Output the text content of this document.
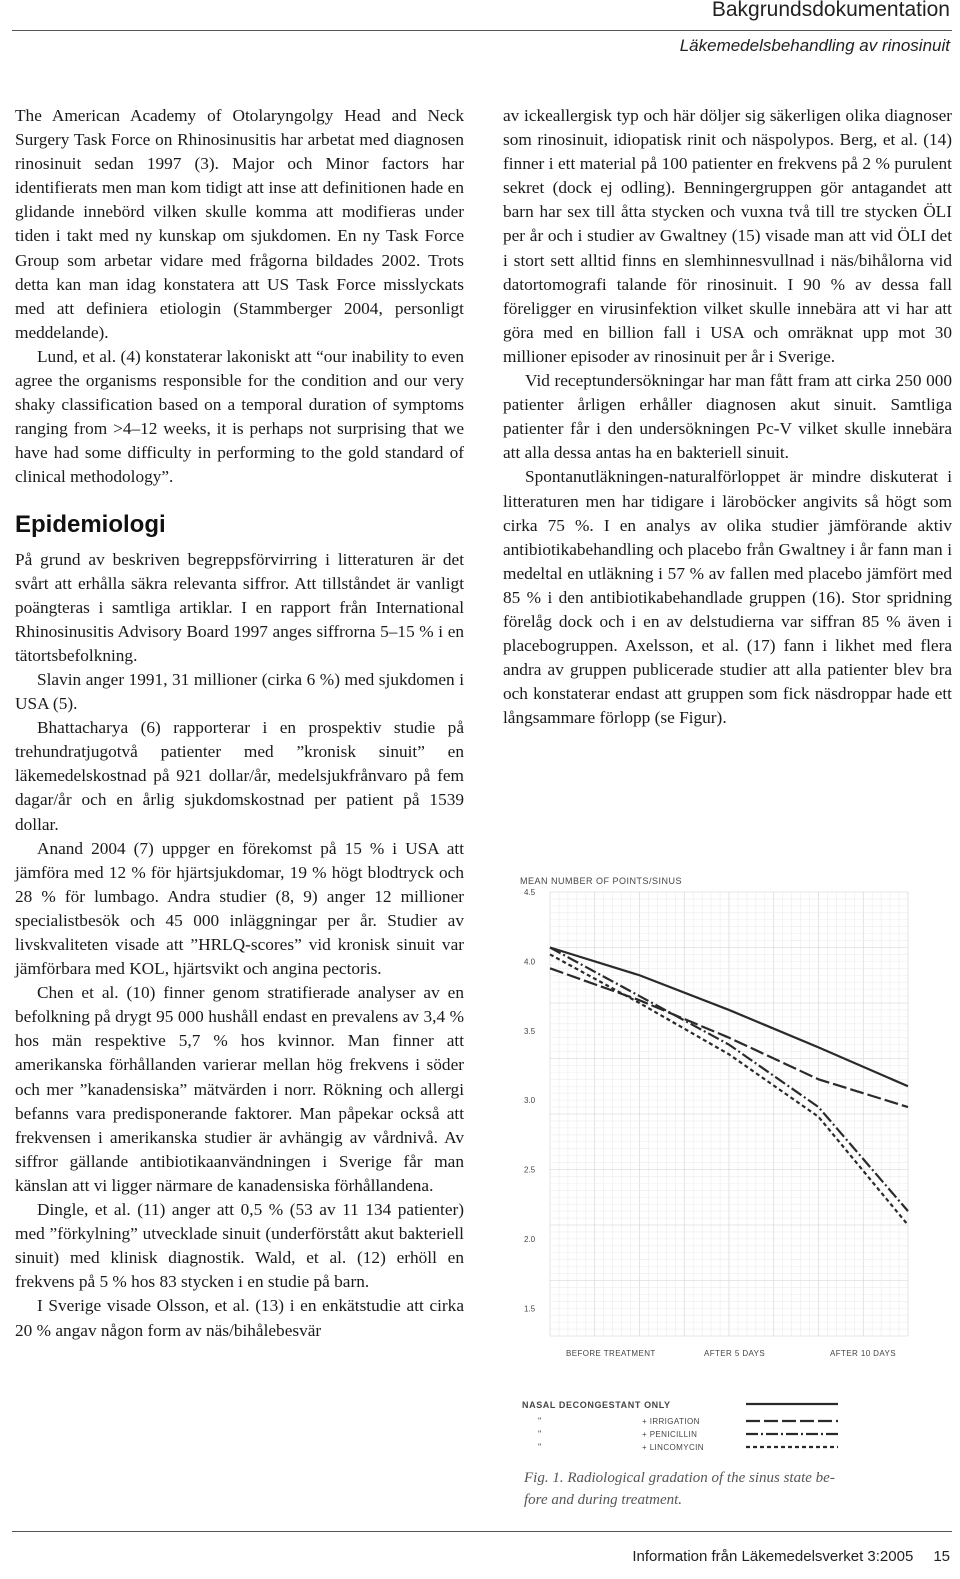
Bakgrundsdokumentation
Läkemedelsbehandling av rinosinuit

The American Academy of Otolaryngolgy Head and Neck Surgery Task Force on Rhinosinusitis har arbetat med diagnosen rinosinuit sedan 1997 (3). Major och Minor factors har identifierats men man kom tidigt att inse att definitionen hade en glidande innebörd vilken skulle komma att modifieras under tiden i takt med ny kunskap om sjukdomen. En ny Task Force Group som arbetar vidare med frågorna bildades 2002. Trots detta kan man idag konstatera att US Task Force misslyckats med att definiera etiologin (Stammberger 2004, personligt meddelande).

Lund, et al. (4) konstaterar lakoniskt att “our inability to even agree the organisms responsible for the condition and our very shaky classification based on a temporal duration of symptoms ranging from >4–12 weeks, it is perhaps not surprising that we have had some difficulty in performing to the gold standard of clinical methodology”.

Epidemiologi

På grund av beskriven begreppsförvirring i litteraturen är det svårt att erhålla säkra relevanta siffror. Att tillståndet är vanligt poängteras i samtliga artiklar. I en rapport från International Rhinosinusitis Advisory Board 1997 anges siffrorna 5–15 % i en tätortsbefolkning.

Slavin anger 1991, 31 millioner (cirka 6 %) med sjukdomen i USA (5).

Bhattacharya (6) rapporterar i en prospektiv studie på trehundratjugotvå patienter med ”kronisk sinuit” en läkemedelskostnad på 921 dollar/år, medelsjukfrånvaro på fem dagar/år och en årlig sjukdomskostnad per patient på 1539 dollar.

Anand 2004 (7) uppger en förekomst på 15 % i USA att jämföra med 12 % för hjärtsjukdomar, 19 % högt blodtryck och 28 % för lumbago. Andra studier (8, 9) anger 12 millioner specialistbesök och 45 000 inläggningar per år. Studier av livskvaliteten visade att ”HRLQ-scores” vid kronisk sinuit var jämförbara med KOL, hjärtsvikt och angina pectoris.

Chen et al. (10) finner genom stratifierade analyser av en befolkning på drygt 95 000 hushåll endast en prevalens av 3,4 % hos män respektive 5,7 % hos kvinnor. Man finner att amerikanska förhållanden varierar mellan hög frekvens i söder och mer ”kanadensiska” mätvärden i norr. Rökning och allergi befanns vara predisponerande faktorer. Man påpekar också att frekvensen i amerikanska studier är avhängig av vårdnivå. Av siffror gällande antibiotikaanvändningen i Sverige får man känslan att vi ligger närmare de kanadensiska förhållandena.

Dingle, et al. (11) anger att 0,5 % (53 av 11 134 patienter) med ”förkylning” utvecklade sinuit (underförstått akut bakteriell sinuit) med klinisk diagnostik. Wald, et al. (12) erhöll en frekvens på 5 % hos 83 stycken i en studie på barn.

I Sverige visade Olsson, et al. (13) i en enkätstudie att cirka 20 % angav någon form av näs/bihålebesvär

av ickeallergisk typ och här döljer sig säkerligen olika diagnoser som rinosinuit, idiopatisk rinit och näspolypos. Berg, et al. (14) finner i ett material på 100 patienter en frekvens på 2 % purulent sekret (dock ej odling). Benningergruppen gör antagandet att barn har sex till åtta stycken och vuxna två till tre stycken ÖLI per år och i studier av Gwaltney (15) visade man att vid ÖLI det i stort sett alltid finns en slemhinnesvullnad i näs/bihålorna vid datortomografi talande för rinosinuit. I 90 % av dessa fall föreligger en virusinfektion vilket skulle innebära att vi har att göra med en billion fall i USA och omräknat upp mot 30 millioner episoder av rinosinuit per år i Sverige.

Vid receptundersökningar har man fått fram att cirka 250 000 patienter årligen erhåller diagnosen akut sinuit. Samtliga patienter får i den undersökningen Pc-V vilket skulle innebära att alla dessa antas ha en bakteriell sinuit.

Spontanutläkningen-naturalförloppet är mindre diskuterat i litteraturen men har tidigare i läroböcker angivits så högt som cirka 75 %. I en analys av olika studier jämförande aktiv antibiotikabehandling och placebo från Gwaltney i år fann man i medeltal en utläkning i 57 % av fallen med placebo jämfört med 85 % i den antibiotikabehandlade gruppen (16). Stor spridning förelåg dock och i en av delstudierna var siffran 85 % även i placebogruppen. Axelsson, et al. (17) fann i likhet med flera andra av gruppen publicerade studier att alla patienter blev bra och konstaterar endast att gruppen som fick näsdroppar hade ett långsammare förlopp (se Figur).

MEAN NUMBER OF POINTS/SINUS
4.5
4.0
3.5
3.0
2.5
2.0
1.5
BEFORE TREATMENT	AFTER 5 DAYS	AFTER 10 DAYS
NASAL DECONGESTANT ONLY
"	+ IRRIGATION
"	+ PENICILLIN
"	+ LINCOMYCIN
Fig. 1. Radiological gradation of the sinus state be-
fore and during treatment.
Information från Läkemedelsverket 3:2005 15
